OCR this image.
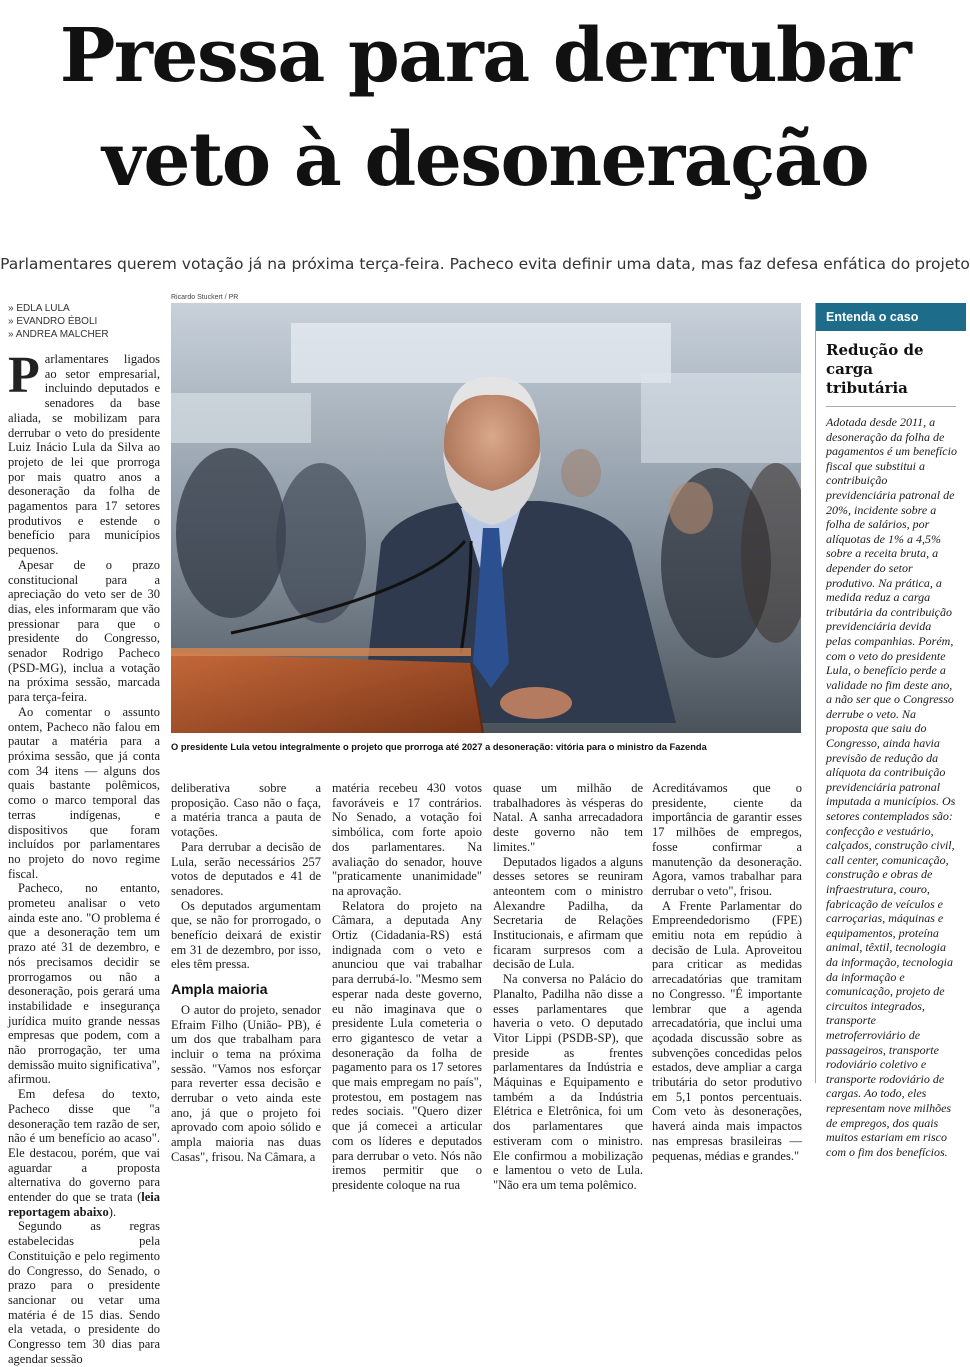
Pressa para derrubar
veto à desoneração
Parlamentares querem votação já na próxima terça-feira. Pacheco evita definir uma data, mas faz defesa enfática do projeto
» EDLA LULA
» EVANDRO ÉBOLI
» ANDREA MALCHER
Ricardo Stuckert / PR
O presidente Lula vetou integralmente o projeto que prorroga até 2027 a desoneração: vitória para o ministro da Fazenda

Parlamentares ligados ao setor empresarial, incluindo deputados e senadores da base aliada, se mobilizam para derrubar o veto do presidente Luiz Inácio Lula da Silva ao projeto de lei que prorroga por mais quatro anos a desoneração da folha de pagamentos para 17 setores produtivos e estende o benefício para municípios pequenos.

Apesar de o prazo constitucional para a apreciação do veto ser de 30 dias, eles informaram que vão pressionar para que o presidente do Congresso, senador Rodrigo Pacheco (PSD-MG), inclua a votação na próxima sessão, marcada para terça-feira.

Ao comentar o assunto ontem, Pacheco não falou em pautar a matéria para a próxima sessão, que já conta com 34 itens — alguns dos quais bastante polêmicos, como o marco temporal das terras indígenas, e dispositivos que foram incluídos por parlamentares no projeto do novo regime fiscal.

Pacheco, no entanto, prometeu analisar o veto ainda este ano. "O problema é que a desoneração tem um prazo até 31 de dezembro, e nós precisamos decidir se prorrogamos ou não a desoneração, pois gerará uma instabilidade e insegurança jurídica muito grande nessas empresas que podem, com a não prorrogação, ter uma demissão muito significativa", afirmou.

Em defesa do texto, Pacheco disse que "a desoneração tem razão de ser, não é um benefício ao acaso". Ele destacou, porém, que vai aguardar a proposta alternativa do governo para entender do que se trata (leia reportagem abaixo).

Segundo as regras estabelecidas pela Constituição e pelo regimento do Congresso, do Senado, o prazo para o presidente sancionar ou vetar uma matéria é de 15 dias. Sendo ela vetada, o presidente do Congresso tem 30 dias para agendar sessão

deliberativa sobre a proposição. Caso não o faça, a matéria tranca a pauta de votações.

Para derrubar a decisão de Lula, serão necessários 257 votos de deputados e 41 de senadores.

Os deputados argumentam que, se não for prorrogado, o benefício deixará de existir em 31 de dezembro, por isso, eles têm pressa.

Ampla maioria

O autor do projeto, senador Efraim Filho (União- PB), é um dos que trabalham para incluir o tema na próxima sessão. "Vamos nos esforçar para reverter essa decisão e derrubar o veto ainda este ano, já que o projeto foi aprovado com apoio sólido e ampla maioria nas duas Casas", frisou. Na Câmara, a

matéria recebeu 430 votos favoráveis e 17 contrários. No Senado, a votação foi simbólica, com forte apoio dos parlamentares. Na avaliação do senador, houve "praticamente unanimidade" na aprovação.

Relatora do projeto na Câmara, a deputada Any Ortiz (Cidadania-RS) está indignada com o veto e anunciou que vai trabalhar para derrubá-lo. "Mesmo sem esperar nada deste governo, eu não imaginava que o presidente Lula cometeria o erro gigantesco de vetar a desoneração da folha de pagamento para os 17 setores que mais empregam no país", protestou, em postagem nas redes sociais. "Quero dizer que já comecei a articular com os líderes e deputados para derrubar o veto. Nós não iremos permitir que o presidente coloque na rua

quase um milhão de trabalhadores às vésperas do Natal. A sanha arrecadadora deste governo não tem limites."

Deputados ligados a alguns desses setores se reuniram anteontem com o ministro Alexandre Padilha, da Secretaria de Relações Institucionais, e afirmam que ficaram surpresos com a decisão de Lula.

Na conversa no Palácio do Planalto, Padilha não disse a esses parlamentares que haveria o veto. O deputado Vitor Lippi (PSDB-SP), que preside as frentes parlamentares da Indústria e Máquinas e Equipamento e também a da Indústria Elétrica e Eletrônica, foi um dos parlamentares que estiveram com o ministro. Ele confirmou a mobilização e lamentou o veto de Lula. "Não era um tema polêmico.

Acreditávamos que o presidente, ciente da importância de garantir esses 17 milhões de empregos, fosse confirmar a manutenção da desoneração. Agora, vamos trabalhar para derrubar o veto", frisou.

A Frente Parlamentar do Empreendedorismo (FPE) emitiu nota em repúdio à decisão de Lula. Aproveitou para criticar as medidas arrecadatórias que tramitam no Congresso. "É importante lembrar que a agenda arrecadatória, que inclui uma açodada discussão sobre as subvenções concedidas pelos estados, deve ampliar a carga tributária do setor produtivo em 5,1 pontos percentuais. Com veto às desonerações, haverá ainda mais impactos nas empresas brasileiras —pequenas, médias e grandes."

Entenda o caso
Redução de carga tributária
Adotada desde 2011, a desoneração da folha de pagamentos é um benefício fiscal que substitui a contribuição previdenciária patronal de 20%, incidente sobre a folha de salários, por alíquotas de 1% a 4,5% sobre a receita bruta, a depender do setor produtivo. Na prática, a medida reduz a carga tributária da contribuição previdenciária devida pelas companhias. Porém, com o veto do presidente Lula, o benefício perde a validade no fim deste ano, a não ser que o Congresso derrube o veto. Na proposta que saiu do Congresso, ainda havia previsão de redução da alíquota da contribuição previdenciária patronal imputada a municípios. Os setores contemplados são: confecção e vestuário, calçados, construção civil, call center, comunicação, construção e obras de infraestrutura, couro, fabricação de veículos e carroçarias, máquinas e equipamentos, proteína animal, têxtil, tecnologia da informação, tecnologia da informação e comunicação, projeto de circuitos integrados, transporte metroferroviário de passageiros, transporte rodoviário coletivo e transporte rodoviário de cargas. Ao todo, eles representam nove milhões de empregos, dos quais muitos estariam em risco com o fim dos benefícios.
